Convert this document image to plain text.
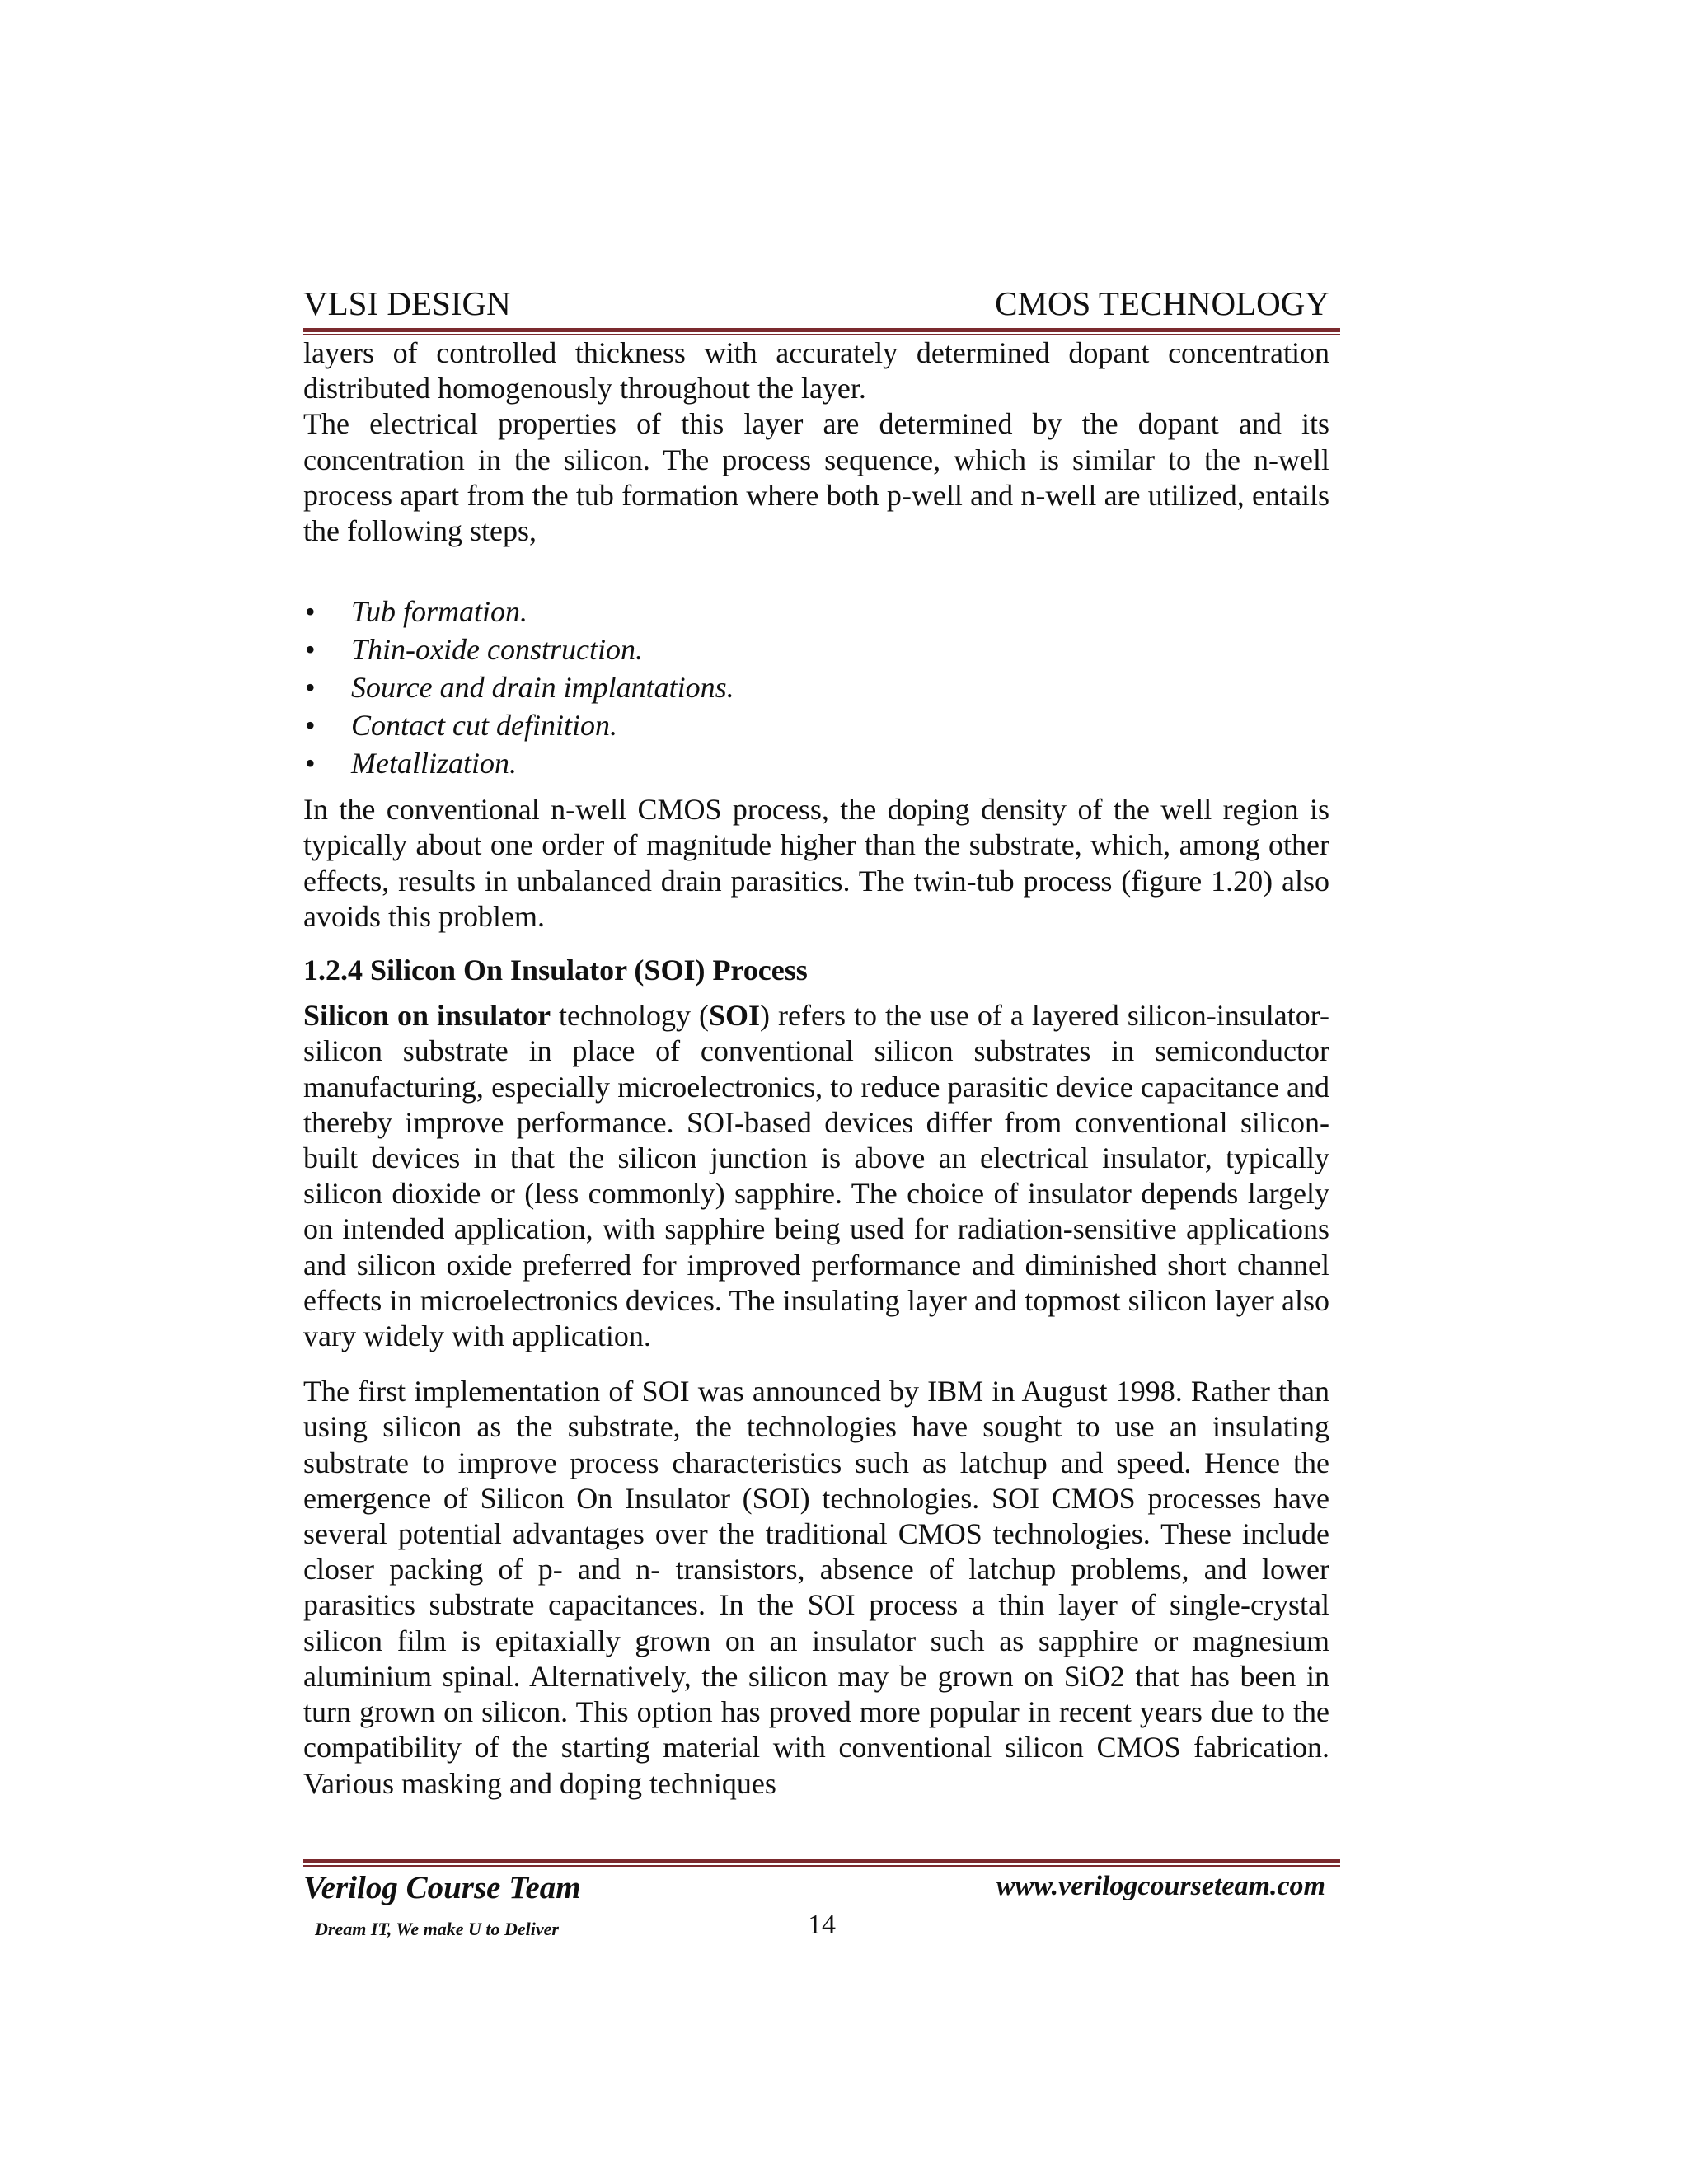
VLSI DESIGN	CMOS TECHNOLOGY

layers of controlled thickness with accurately determined dopant concentration distributed homogenously throughout the layer.

The electrical properties of this layer are determined by the dopant and its concentration in the silicon. The process sequence, which is similar to the n-well process apart from the tub formation where both p-well and n-well are utilized, entails the following steps,

• Tub formation.
• Thin-oxide construction.
• Source and drain implantations.
• Contact cut definition.
• Metallization.

In the conventional n-well CMOS process, the doping density of the well region is typically about one order of magnitude higher than the substrate, which, among other effects, results in unbalanced drain parasitics. The twin-tub process (figure 1.20) also avoids this problem.

1.2.4 Silicon On Insulator (SOI) Process

Silicon on insulator technology (SOI) refers to the use of a layered silicon-insulator-silicon substrate in place of conventional silicon substrates in semiconductor manufacturing, especially microelectronics, to reduce parasitic device capacitance and thereby improve performance. SOI-based devices differ from conventional silicon-built devices in that the silicon junction is above an electrical insulator, typically silicon dioxide or (less commonly) sapphire. The choice of insulator depends largely on intended application, with sapphire being used for radiation-sensitive applications and silicon oxide preferred for improved performance and diminished short channel effects in microelectronics devices. The insulating layer and topmost silicon layer also vary widely with application.

The first implementation of SOI was announced by IBM in August 1998. Rather than using silicon as the substrate, the technologies have sought to use an insulating substrate to improve process characteristics such as latchup and speed. Hence the emergence of Silicon On Insulator (SOI) technologies. SOI CMOS processes have several potential advantages over the traditional CMOS technologies. These include closer packing of p- and n- transistors, absence of latchup problems, and lower parasitics substrate capacitances. In the SOI process a thin layer of single-crystal silicon film is epitaxially grown on an insulator such as sapphire or magnesium aluminium spinal. Alternatively, the silicon may be grown on SiO2 that has been in turn grown on silicon. This option has proved more popular in recent years due to the compatibility of the starting material with conventional silicon CMOS fabrication. Various masking and doping techniques

Verilog Course Team	www.verilogcourseteam.com
Dream IT, We make U to Deliver	14
